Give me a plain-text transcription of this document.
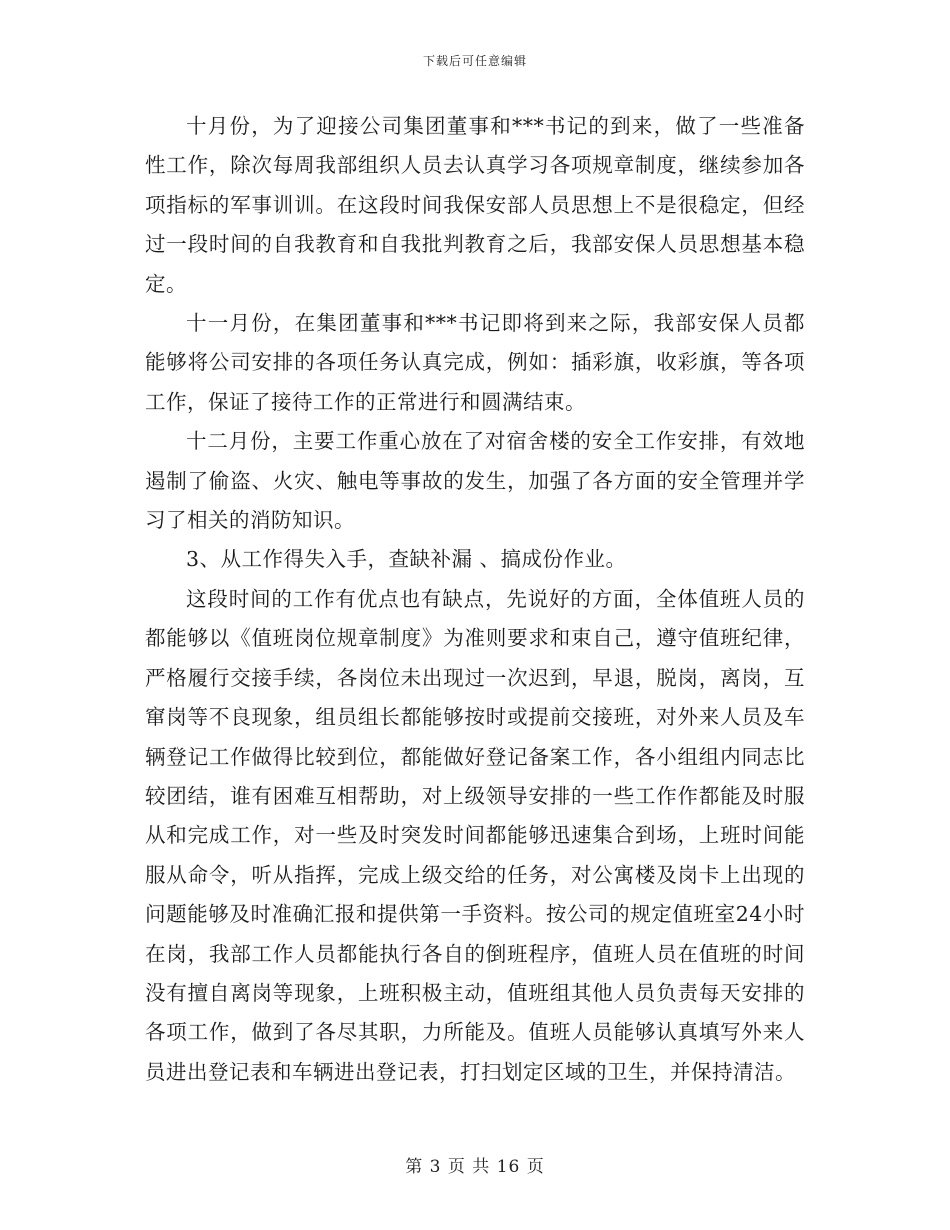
下载后可任意编辑

十月份，为了迎接公司集团董事和***书记的到来，做了一些准备性工作，除次每周我部组织人员去认真学习各项规章制度，继续参加各项指标的军事训训。在这段时间我保安部人员思想上不是很稳定，但经过一段时间的自我教育和自我批判教育之后，我部安保人员思想基本稳定。

十一月份，在集团董事和***书记即将到来之际，我部安保人员都能够将公司安排的各项任务认真完成，例如：插彩旗，收彩旗，等各项工作，保证了接待工作的正常进行和圆满结束。

十二月份，主要工作重心放在了对宿舍楼的安全工作安排，有效地遏制了偷盗、火灾、触电等事故的发生，加强了各方面的安全管理并学习了相关的消防知识。

3、从工作得失入手，查缺补漏 、搞成份作业。

这段时间的工作有优点也有缺点，先说好的方面，全体值班人员的都能够以《值班岗位规章制度》为准则要求和束自己，遵守值班纪律，严格履行交接手续，各岗位未出现过一次迟到，早退，脱岗，离岗，互窜岗等不良现象，组员组长都能够按时或提前交接班，对外来人员及车辆登记工作做得比较到位，都能做好登记备案工作，各小组组内同志比较团结，谁有困难互相帮助，对上级领导安排的一些工作作都能及时服从和完成工作，对一些及时突发时间都能够迅速集合到场，上班时间能服从命令，听从指挥，完成上级交给的任务，对公寓楼及岗卡上出现的问题能够及时准确汇报和提供第一手资料。按公司的规定值班室24小时在岗，我部工作人员都能执行各自的倒班程序，值班人员在值班的时间没有擅自离岗等现象，上班积极主动，值班组其他人员负责每天安排的各项工作，做到了各尽其职，力所能及。值班人员能够认真填写外来人员进出登记表和车辆进出登记表，打扫划定区域的卫生，并保持清洁。

第 3 页 共 16 页
